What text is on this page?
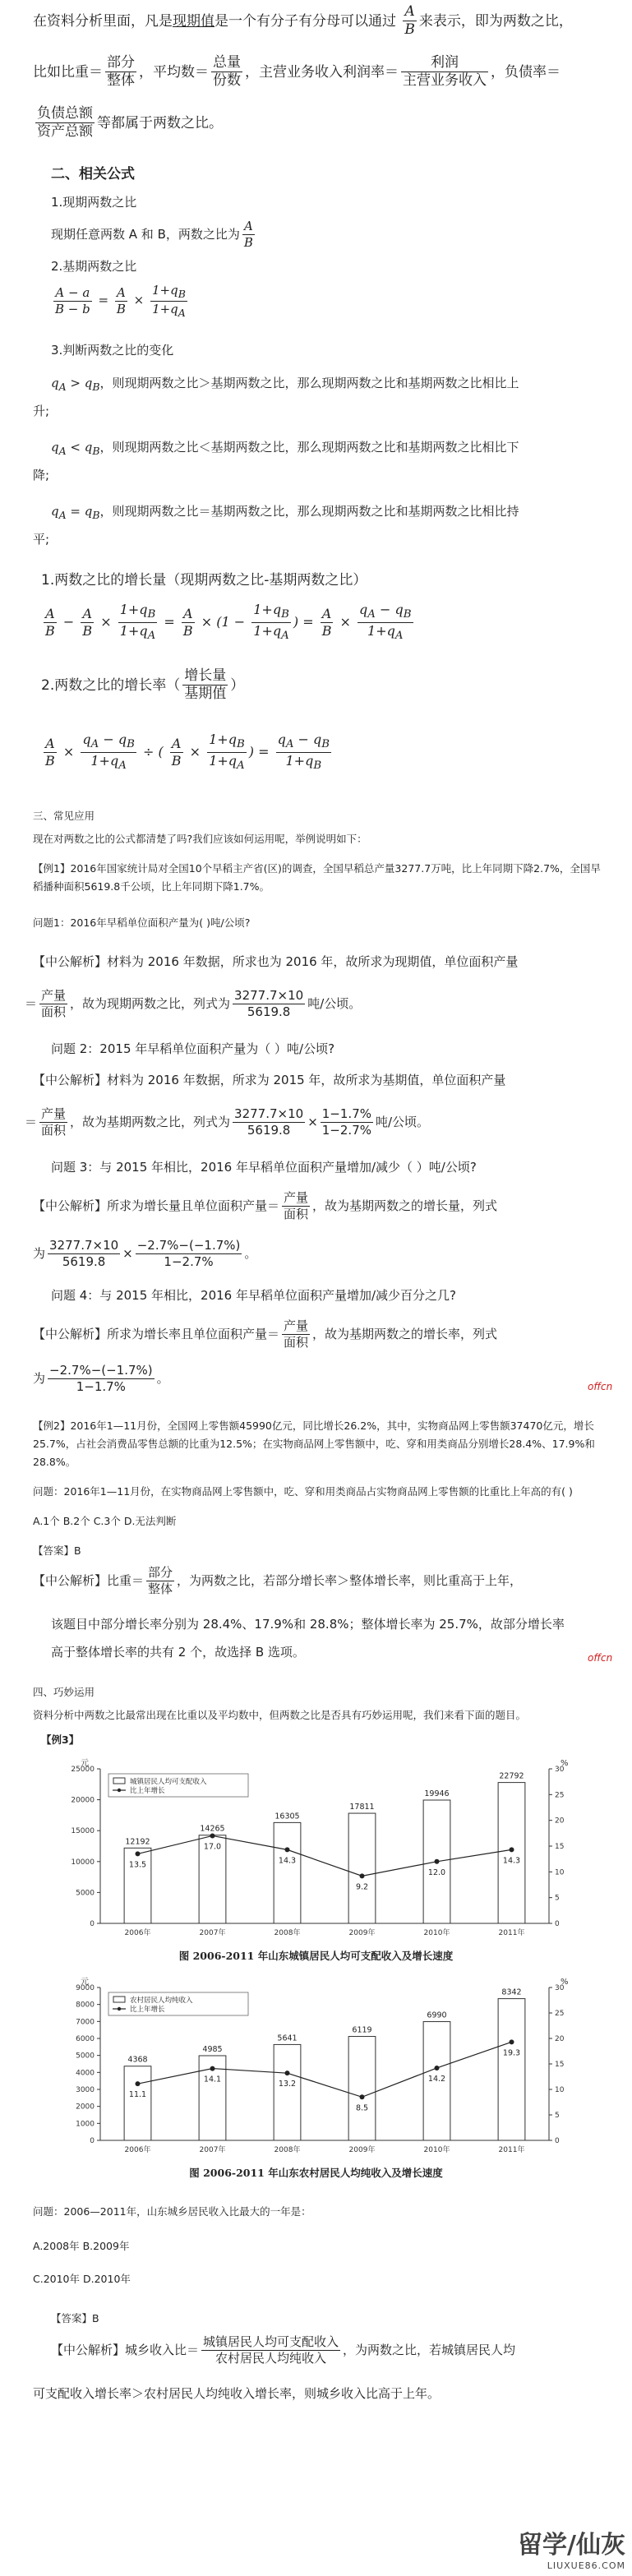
在资料分析里面，凡是现期值是一个有分子有分母可以通过 $\frac{A}{B}$ 来表示，即为两数之比，
比如比重＝ $\frac{\text{部分}}{\text{整体}}$ ，平均数＝ $\frac{\text{总量}}{\text{份数}}$ ，主营业务收入利润率＝ $\frac{\text{利润}}{\text{主营业务收入}}$ ，负债率＝
$\frac{\text{负债总额}}{\text{资产总额}}$ 等都属于两数之比。
二、相关公式
1.现期两数之比
现期任意两数 A 和 B，两数之比为 $\frac{A}{B}$
2.基期两数之比
$\frac{A - a}{B - b} = \frac{A}{B} \times \frac{1+q_B}{1+q_A}$
3.判断两数之比的变化
$q_A > q_B$，则现期两数之比＞基期两数之比，那么现期两数之比和基期两数之比相比上
升;
$q_A < q_B$，则现期两数之比＜基期两数之比，那么现期两数之比和基期两数之比相比下
降;
$q_A = q_B$，则现期两数之比＝基期两数之比，那么现期两数之比和基期两数之比相比持
平;
1.两数之比的增长量（现期两数之比-基期两数之比）
$\frac{A}{B} - \frac{A}{B} \times \frac{1+q_B}{1+q_A} = \frac{A}{B} \times (1 - \frac{1+q_B}{1+q_A}$ ) = $\frac{A}{B} \times \frac{q_A - q_B}{1+q_A}$
2.两数之比的增长率（ $\frac{\text{增长量}}{\text{基期值}}$ ）
$\frac{A}{B} \times \frac{q_A - q_B}{1+q_A}$ ÷ ( $\frac{A}{B} \times \frac{1+q_B}{1+q_A}$ ) = $\frac{q_A - q_B}{1+q_B}$
三、常见应用
现在对两数之比的公式都清楚了吗?我们应该如何运用呢，举例说明如下：
【例1】2016年国家统计局对全国10个早稻主产省(区)的调查，全国早稻总产量3277.7万吨，比上年同期下降2.7%，全国早稻播种面积5619.8千公顷，比上年同期下降1.7%。
问题1：2016年早稻单位面积产量为( )吨/公顷?
【中公解析】材料为 2016 年数据，所求也为 2016 年，故所求为现期值，单位面积产量
＝ $\frac{\text{产量}}{\text{面积}}$ ，故为现期两数之比，列式为 $\frac{3277.7\times 10}{5619.8}$ 吨/公顷。
问题 2：2015 年早稻单位面积产量为（ ）吨/公顷?
【中公解析】材料为 2016 年数据，所求为 2015 年，故所求为基期值，单位面积产量
＝ $\frac{\text{产量}}{\text{面积}}$ ，故为基期两数之比，列式为 $\frac{3277.7\times 10}{5619.8} \times \frac{1-1.7\%}{1-2.7\%}$ 吨/公顷。
问题 3：与 2015 年相比，2016 年早稻单位面积产量增加/减少（ ）吨/公顷?
【中公解析】所求为增长量且单位面积产量＝ $\frac{\text{产量}}{\text{面积}}$ ，故为基期两数之的增长量，列式
为 $\frac{3277.7\times 10}{5619.8} \times \frac{-2.7\%-(-1.7\%)}{1-2.7\%}$ 。
问题 4：与 2015 年相比，2016 年早稻单位面积产量增加/减少百分之几?
【中公解析】所求为增长率且单位面积产量＝ $\frac{\text{产量}}{\text{面积}}$ ，故为基期两数之的增长率，列式
为 $\frac{-2.7\%-(-1.7\%)}{1-1.7\%}$ 。
offcn
【例2】2016年1—11月份，全国网上零售额45990亿元，同比增长26.2%，其中，实物商品网上零售额37470亿元，增长25.7%，占社会消费品零售总额的比重为12.5%；在实物商品网上零售额中，吃、穿和用类商品分别增长28.4%、17.9%和28.8%。
问题：2016年1—11月份，在实物商品网上零售额中，吃、穿和用类商品占实物商品网上零售额的比重比上年高的有( )
A.1个 B.2个 C.3个 D.无法判断
【答案】B
【中公解析】比重＝ $\frac{\text{部分}}{\text{整体}}$ ，为两数之比，若部分增长率＞整体增长率，则比重高于上年，
该题目中部分增长率分别为 28.4%、17.9%和 28.8%；整体增长率为 25.7%，故部分增长率
高于整体增长率的共有 2 个，故选择 B 选项。	offcn
四、巧妙运用
资料分析中两数之比最常出现在比重以及平均数中，但两数之比是否具有巧妙运用呢，我们来看下面的题目。
【例3】
元	%
0
5000
10000
15000
20000
25000
0
5
10
15
20
25
30
12192
2006年
14265
2007年
16305
2008年
17811
2009年
19946
2010年
22792
2011年
13.5
17.0
14.3
9.2
12.0
14.3
城镇居民人均可支配收入
比上年增长
图 2006-2011 年山东城镇居民人均可支配收入及增长速度
元	%
0
1000
2000
3000
4000
5000
6000
7000
8000
9000
0
5
10
15
20
25
30
4368
2006年
4985
2007年
5641
2008年
6119
2009年
6990
2010年
8342
2011年
11.1
14.1
13.2
8.5
14.2
19.3
农村居民人均纯收入
比上年增长
图 2006-2011 年山东农村居民人均纯收入及增长速度
问题：2006—2011年，山东城乡居民收入比最大的一年是：
A.2008年 B.2009年
C.2010年 D.2010年
【答案】B
【中公解析】城乡收入比＝ $\frac{\text{城镇居民人均可支配收入}}{\text{农村居民人均纯收入}}$ ，为两数之比，若城镇居民人均
可支配收入增长率＞农村居民人均纯收入增长率，则城乡收入比高于上年。
留学/仙灰
LIUXUE86.COM
